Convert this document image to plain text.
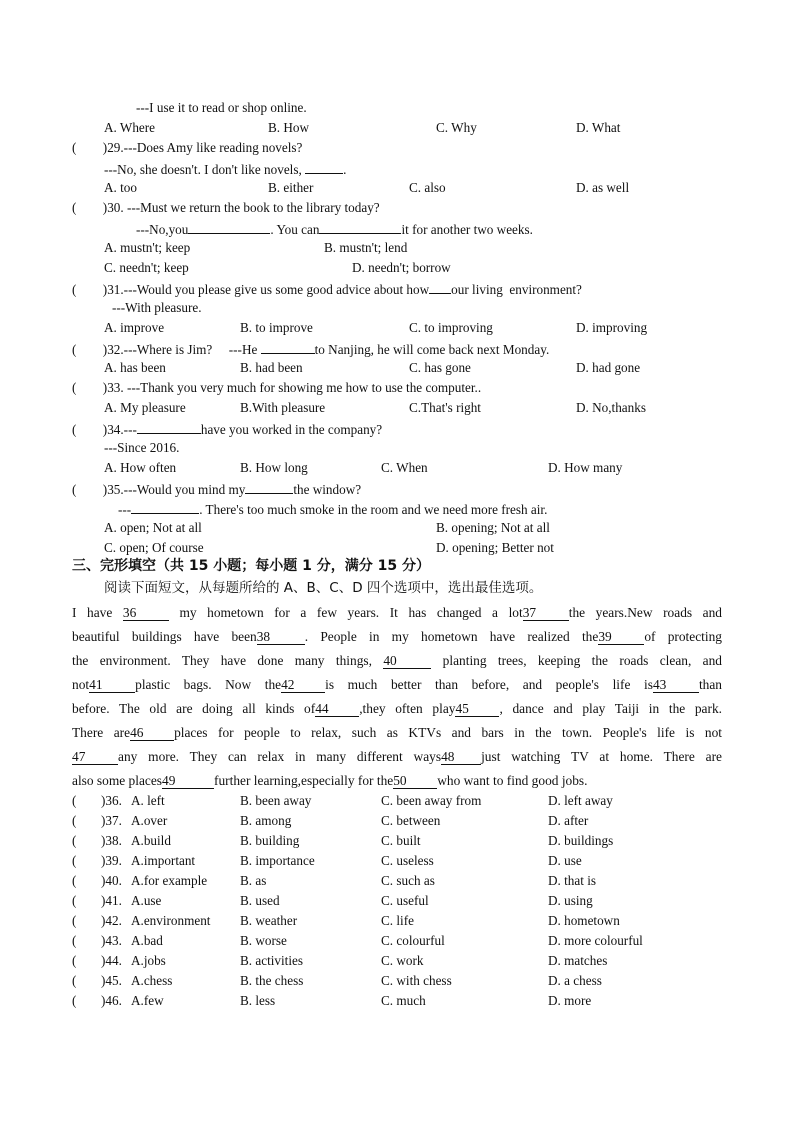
---I use it to read or shop online.
A. Where	B. How	C. Why	D. What
( )29.---Does Amy like reading novels?
---No, she doesn't. I don't like novels,	.
A. too	B. either	C. also	D. as well
( )30. ---Must we return the book to the library today?
---No,you	. You can	it for another two weeks.
A. mustn't; keep	B. mustn't; lend
C. needn't; keep	D. needn't; borrow
( )31.---Would you please give us some good advice about how our living  environment?
---With pleasure.
A. improve	B. to improve	C. to improving	D. improving
( )32.---Where is Jim?     ---He	to Nanjing, he will come back next Monday.
A. has been	B. had been	C. has gone	D. had gone
( )33. ---Thank you very much for showing me how to use the computer..
A. My pleasure	B.With pleasure	C.That's right	D. No,thanks
( )34.---	have you worked in the company?
---Since 2016.
A. How often	B. How long	C. When	D. How many
( )35.---Would you mind my	the window?
---	. There's too much smoke in the room and we need more fresh air.
A. open; Not at all	B. opening; Not at all
C. open; Of course	D. opening; Better not
三、完形填空（共 15 小题；每小题 1 分，满分 15 分）
阅读下面短文，从每题所给的 A、B、C、D 四个选项中，选出最佳选项。
I have 36 my hometown for a few years. It has changed a lot37 the years.New roads and
beautiful buildings have been38	. People in my hometown have realized the39 of protecting
the environment. They have done many things, 40	planting trees, keeping the roads clean, and
not41 plastic bags. Now the42 is much better than before, and people's life is43 than
before. The old are doing all kinds of44 ,they often play45 , dance and play Taiji in the park.
There are46 places for people to relax, such as KTVs and bars in the town. People's life is not
47 any more. They can relax in many different ways48 just watching TV at home. There are
also some places49	further learning,especially for the50 who want to find good jobs.
( )36. A. left	B. been away	C. been away from	D. left away
( )37. A.over	B. among	C. between	D. after
( )38. A.build	B. building	C. built	D. buildings
( )39. A.important	B. importance	C. useless	D. use
( )40. A.for example B. as	C. such as	D. that is
( )41. A.use	B. used	C. useful	D. using
( )42. A.environment B. weather	C. life	D. hometown
( )43. A.bad	B. worse	C. colourful	D. more colourful
( )44. A.jobs	B. activities	C. work	D. matches
( )45. A.chess	B. the chess	C. with chess	D. a chess
( )46. A.few	B. less	C. much	D. more
